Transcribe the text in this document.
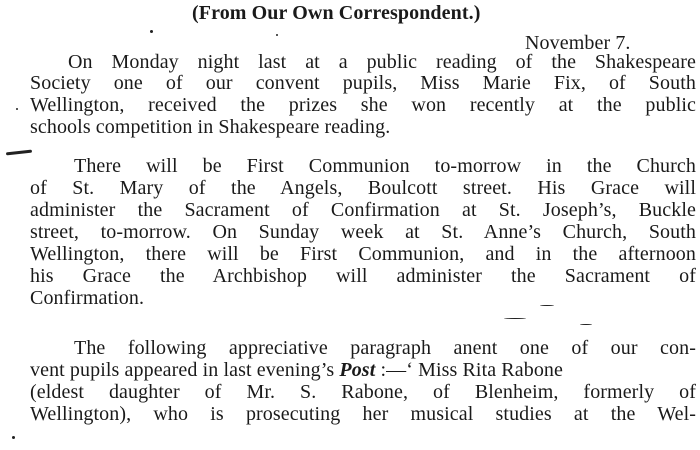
(From Our Own Correspondent.)
November 7.
On Monday night last at a public reading of the Shakespeare
Society one of our convent pupils, Miss Marie Fix, of South
Wellington, received the prizes she won recently at the public
schools competition in Shakespeare reading.
There will be First Communion to-morrow in the Church
of St. Mary of the Angels, Boulcott street. His Grace will
administer the Sacrament of Confirmation at St. Joseph’s, Buckle
street, to-morrow. On Sunday week at St. Anne’s Church, South
Wellington, there will be First Communion, and in the afternoon
his Grace the Archbishop will administer the Sacrament of
Confirmation.
The following appreciative paragraph anent one of our con-
vent pupils appeared in last evening’s Post :—‘ Miss Rita Rabone
(eldest daughter of Mr. S. Rabone, of Blenheim, formerly of
Wellington), who is prosecuting her musical studies at the Wel-
